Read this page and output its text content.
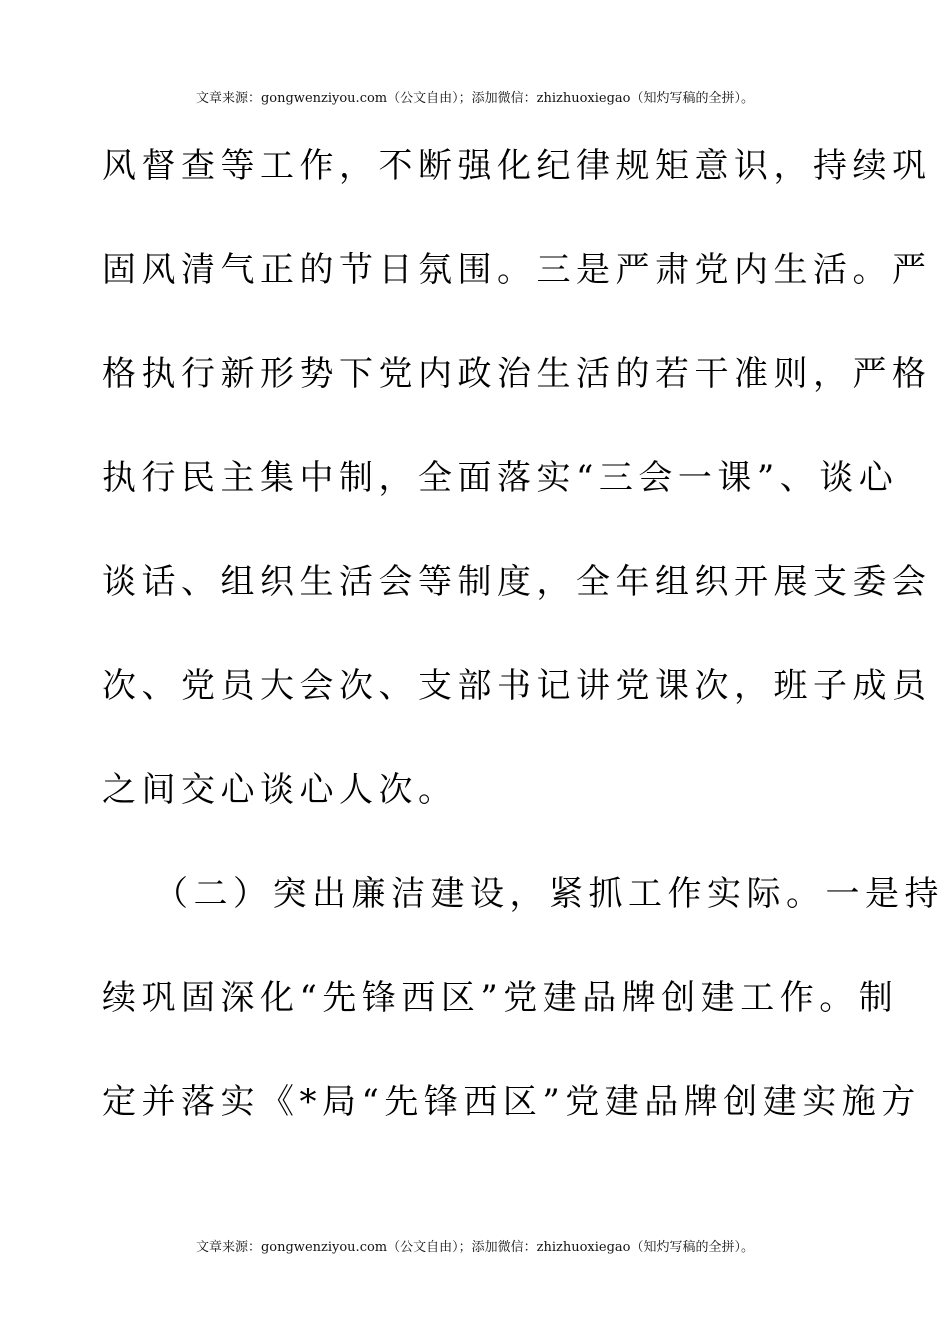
文章来源：gongwenziyou.com（公文自由）；添加微信：zhizhuoxiegao（知灼写稿的全拼）。
风督查等工作，不断强化纪律规矩意识，持续巩
固风清气正的节日氛围。三是严肃党内生活。严
格执行新形势下党内政治生活的若干准则，严格
执行民主集中制，全面落实“三会一课”、谈心
谈话、组织生活会等制度，全年组织开展支委会
次、党员大会次、支部书记讲党课次，班子成员
之间交心谈心人次。
（二）突出廉洁建设，紧抓工作实际。一是持
续巩固深化“先锋西区”党建品牌创建工作。制
定并落实《*局“先锋西区”党建品牌创建实施方
文章来源：gongwenziyou.com（公文自由）；添加微信：zhizhuoxiegao（知灼写稿的全拼）。
